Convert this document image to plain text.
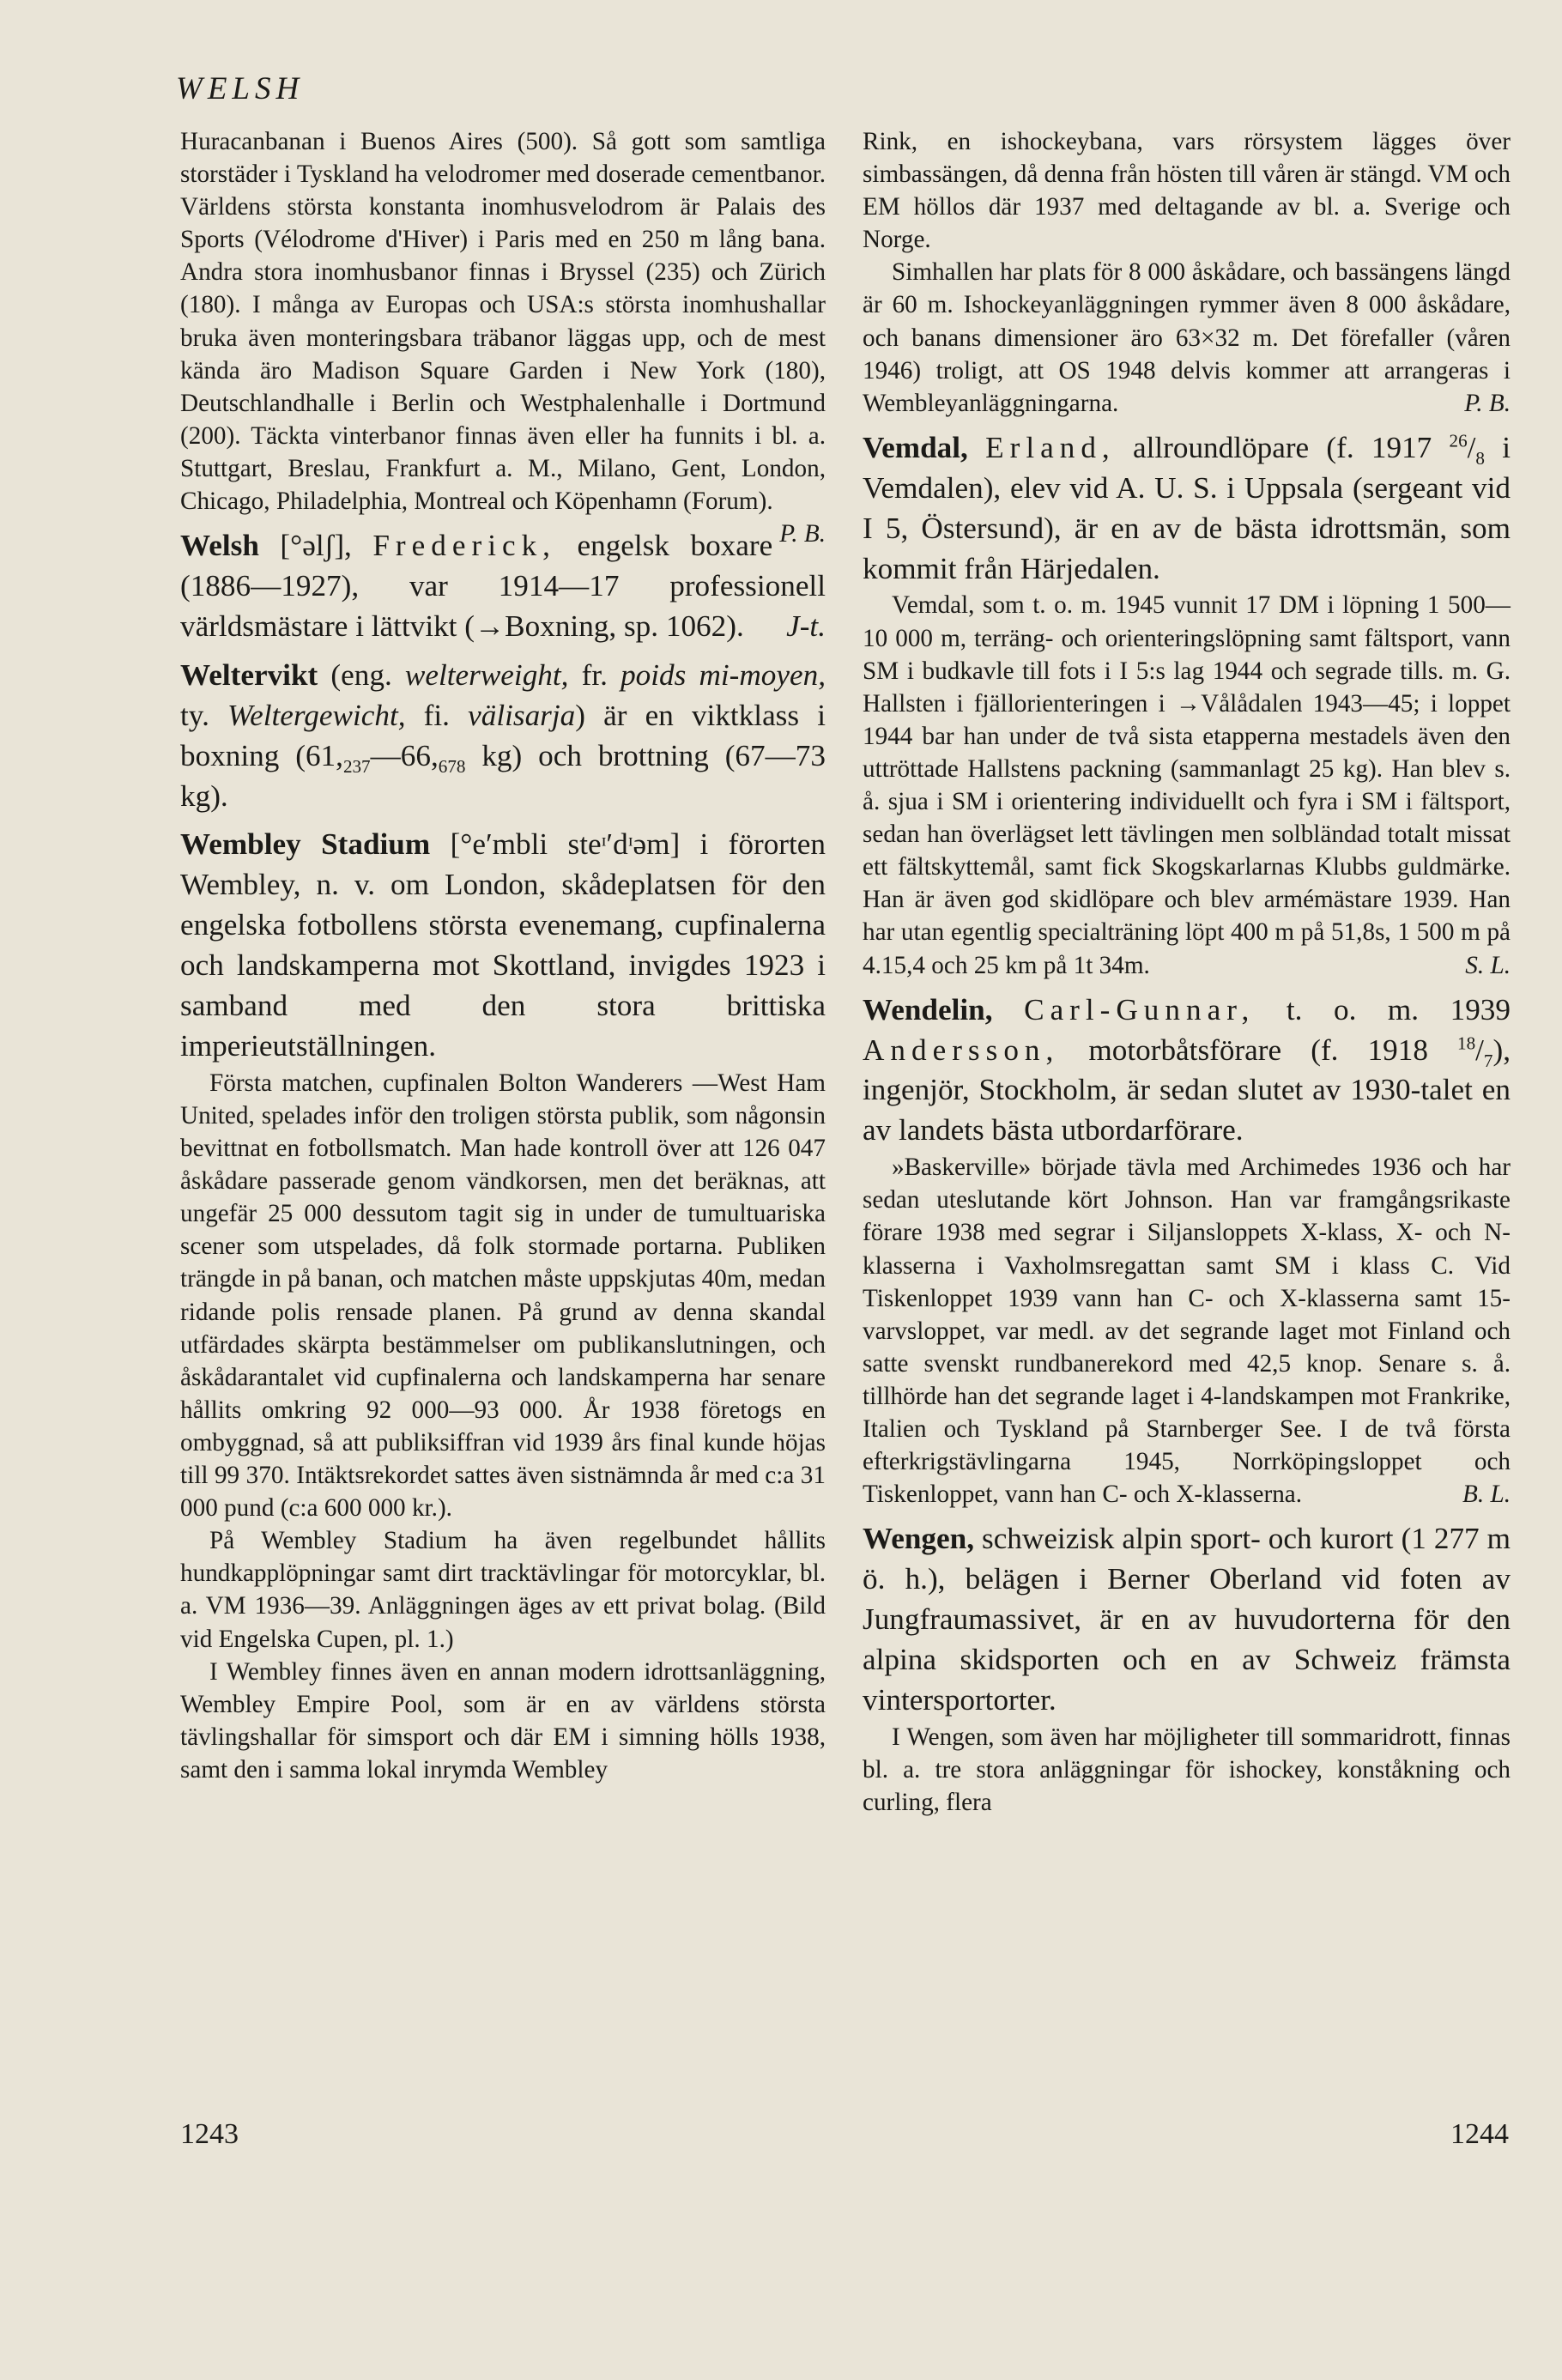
WELSH

Huracanbanan i Buenos Aires (500). Så gott som samtliga storstäder i Tyskland ha velodromer med doserade cementbanor. Världens största konstanta inomhusvelodrom är Palais des Sports (Vélodrome d'Hiver) i Paris med en 250 m lång bana. Andra stora inomhusbanor finnas i Bryssel (235) och Zürich (180). I många av Europas och USA:s största inomhushallar bruka även monteringsbara träbanor läggas upp, och de mest kända äro Madison Square Garden i New York (180), Deutschlandhalle i Berlin och Westphalenhalle i Dortmund (200). Täckta vinterbanor finnas även eller ha funnits i bl. a. Stuttgart, Breslau, Frankfurt a. M., Milano, Gent, London, Chicago, Philadelphia, Montreal och Köpenhamn (Forum).
P. B.

Welsh [°əlʃ], Frederick, engelsk boxare (1886—1927), var 1914—17 professionell världsmästare i lättvikt (→Boxning, sp. 1062). J-t.
Weltervikt (eng. welterweight, fr. poids mi-moyen, ty. Weltergewicht, fi. välisarja) är en viktklass i boxning ($61,_{237}—66,_{678}$ kg) och brottning (67—73 kg).

Wembley Stadium [°e′mbli steᶦ′dᶦəm] i förorten Wembley, n. v. om London, skådeplatsen för den engelska fotbollens största evenemang, cupfinalerna och landskamperna mot Skottland, invigdes 1923 i samband med den stora brittiska imperieutställningen.

Första matchen, cupfinalen Bolton Wanderers —West Ham United, spelades inför den troligen största publik, som någonsin bevittnat en fotbollsmatch. Man hade kontroll över att 126 047 åskådare passerade genom vändkorsen, men det beräknas, att ungefär 25 000 dessutom tagit sig in under de tumultuariska scener som utspelades, då folk stormade portarna. Publiken trängde in på banan, och matchen måste uppskjutas 40m, medan ridande polis rensade planen. På grund av denna skandal utfärdades skärpta bestämmelser om publikanslutningen, och åskådarantalet vid cupfinalerna och landskamperna har senare hållits omkring 92 000—93 000. År 1938 företogs en ombyggnad, så att publiksiffran vid 1939 års final kunde höjas till 99 370. Intäktsrekordet sattes även sistnämnda år med c:a 31 000 pund (c:a 600 000 kr.).

På Wembley Stadium ha även regelbundet hållits hundkapplöpningar samt dirt tracktävlingar för motorcyklar, bl. a. VM 1936—39. Anläggningen äges av ett privat bolag. (Bild vid Engelska Cupen, pl. 1.)

I Wembley finnes även en annan modern idrottsanläggning, Wembley Empire Pool, som är en av världens största tävlingshallar för simsport och där EM i simning hölls 1938, samt den i samma lokal inrymda Wembley

Rink, en ishockeybana, vars rörsystem lägges över simbassängen, då denna från hösten till våren är stängd. VM och EM höllos där 1937 med deltagande av bl. a. Sverige och Norge.

Simhallen har plats för 8 000 åskådare, och bassängens längd är 60 m. Ishockeyanläggningen rymmer även 8 000 åskådare, och banans dimensioner äro 63×32 m. Det förefaller (våren 1946) troligt, att OS 1948 delvis kommer att arrangeras i Wembleyanläggningarna.	P. B.

Vemdal, Erland, allroundlöpare (f. 1917 $^{26}/_8$ i Vemdalen), elev vid A. U. S. i Uppsala (sergeant vid I 5, Östersund), är en av de bästa idrottsmän, som kommit från Härjedalen.

Vemdal, som t. o. m. 1945 vunnit 17 DM i löpning 1 500—10 000 m, terräng- och orienteringslöpning samt fältsport, vann SM i budkavle till fots i I 5:s lag 1944 och segrade tills. m. G. Hallsten i fjällorienteringen i →Vålådalen 1943—45; i loppet 1944 bar han under de två sista etapperna mestadels även den uttröttade Hallstens packning (sammanlagt 25 kg). Han blev s. å. sjua i SM i orientering individuellt och fyra i SM i fältsport, sedan han överlägset lett tävlingen men solbländad totalt missat ett fältskyttemål, samt fick Skogskarlarnas Klubbs guldmärke. Han är även god skidlöpare och blev armémästare 1939. Han har utan egentlig specialträning löpt 400 m på 51,8s, 1 500 m på 4.15,4 och 25 km på 1t 34m.	S. L.

Wendelin, Carl-Gunnar, t. o. m. 1939 Andersson, motorbåtsförare (f. 1918 $^{18}/_7$), ingenjör, Stockholm, är sedan slutet av 1930-talet en av landets bästa utbordarförare.

»Baskerville» började tävla med Archimedes 1936 och har sedan uteslutande kört Johnson. Han var framgångsrikaste förare 1938 med segrar i Siljansloppets X-klass, X- och N-klasserna i Vaxholmsregattan samt SM i klass C. Vid Tiskenloppet 1939 vann han C- och X-klasserna samt 15-varvsloppet, var medl. av det segrande laget mot Finland och satte svenskt rundbanerekord med 42,5 knop. Senare s. å. tillhörde han det segrande laget i 4-landskampen mot Frankrike, Italien och Tyskland på Starnberger See. I de två första efterkrigstävlingarna 1945, Norrköpingsloppet och Tiskenloppet, vann han C- och X-klasserna.	B. L.

Wengen, schweizisk alpin sport- och kurort (1 277 m ö. h.), belägen i Berner Oberland vid foten av Jungfraumassivet, är en av huvudorterna för den alpina skidsporten och en av Schweiz främsta vintersportorter.

I Wengen, som även har möjligheter till sommaridrott, finnas bl. a. tre stora anläggningar för ishockey, konståkning och curling, flera

1243	1244
